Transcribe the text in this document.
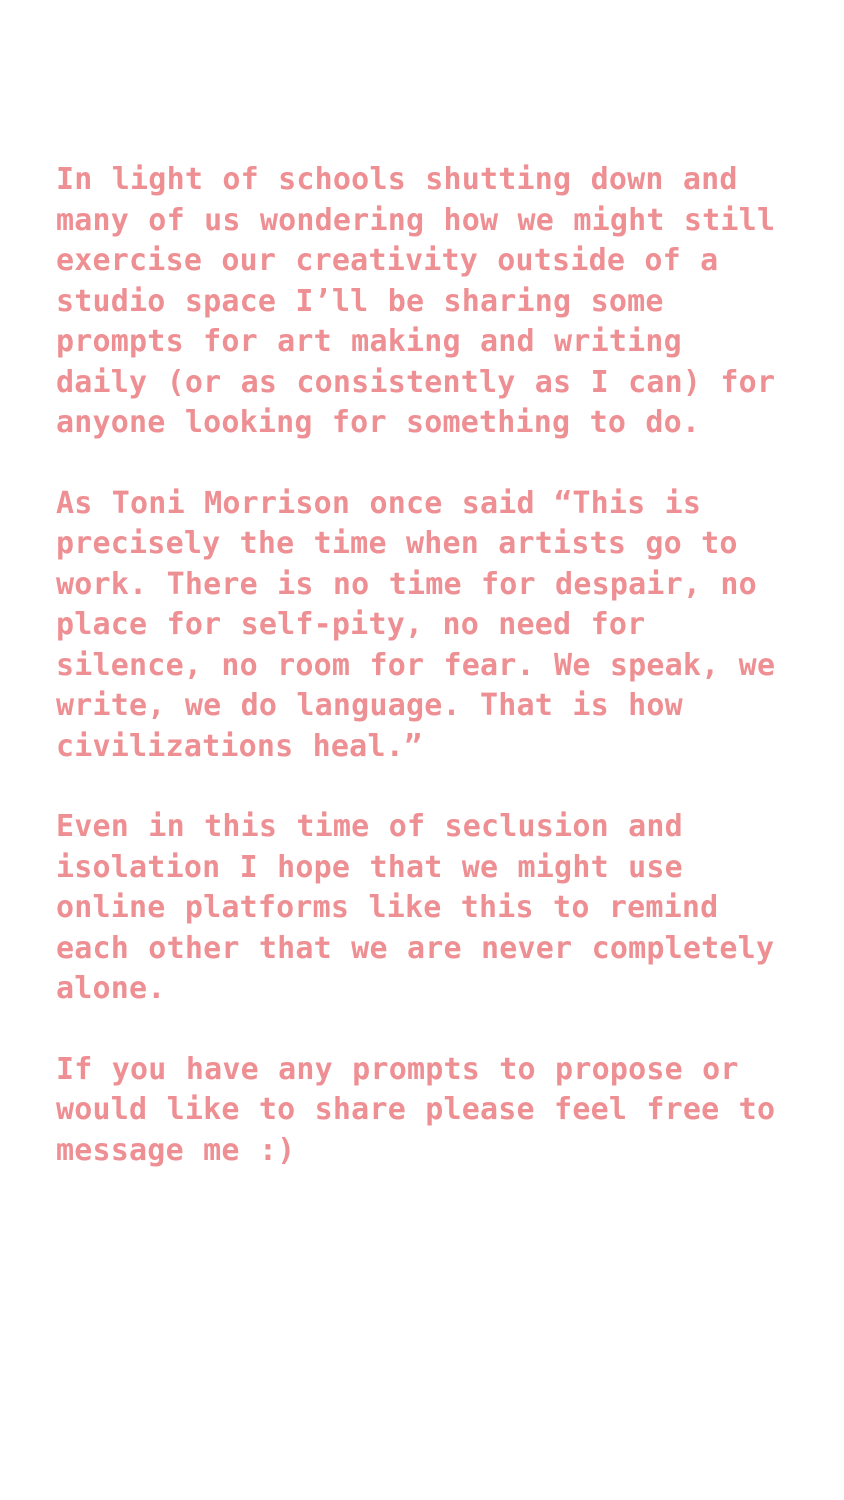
In light of schools shutting down and many of us wondering how we might still exercise our creativity outside of a studio space I’ll be sharing some prompts for art making and writing daily (or as consistently as I can) for anyone looking for something to do.

As Toni Morrison once said “This is precisely the time when artists go to work. There is no time for despair, no place for self-pity, no need for silence, no room for fear. We speak, we write, we do language. That is how civilizations heal.”

Even in this time of seclusion and isolation I hope that we might use online platforms like this to remind each other that we are never completely alone.

If you have any prompts to propose or would like to share please feel free to message me :)
